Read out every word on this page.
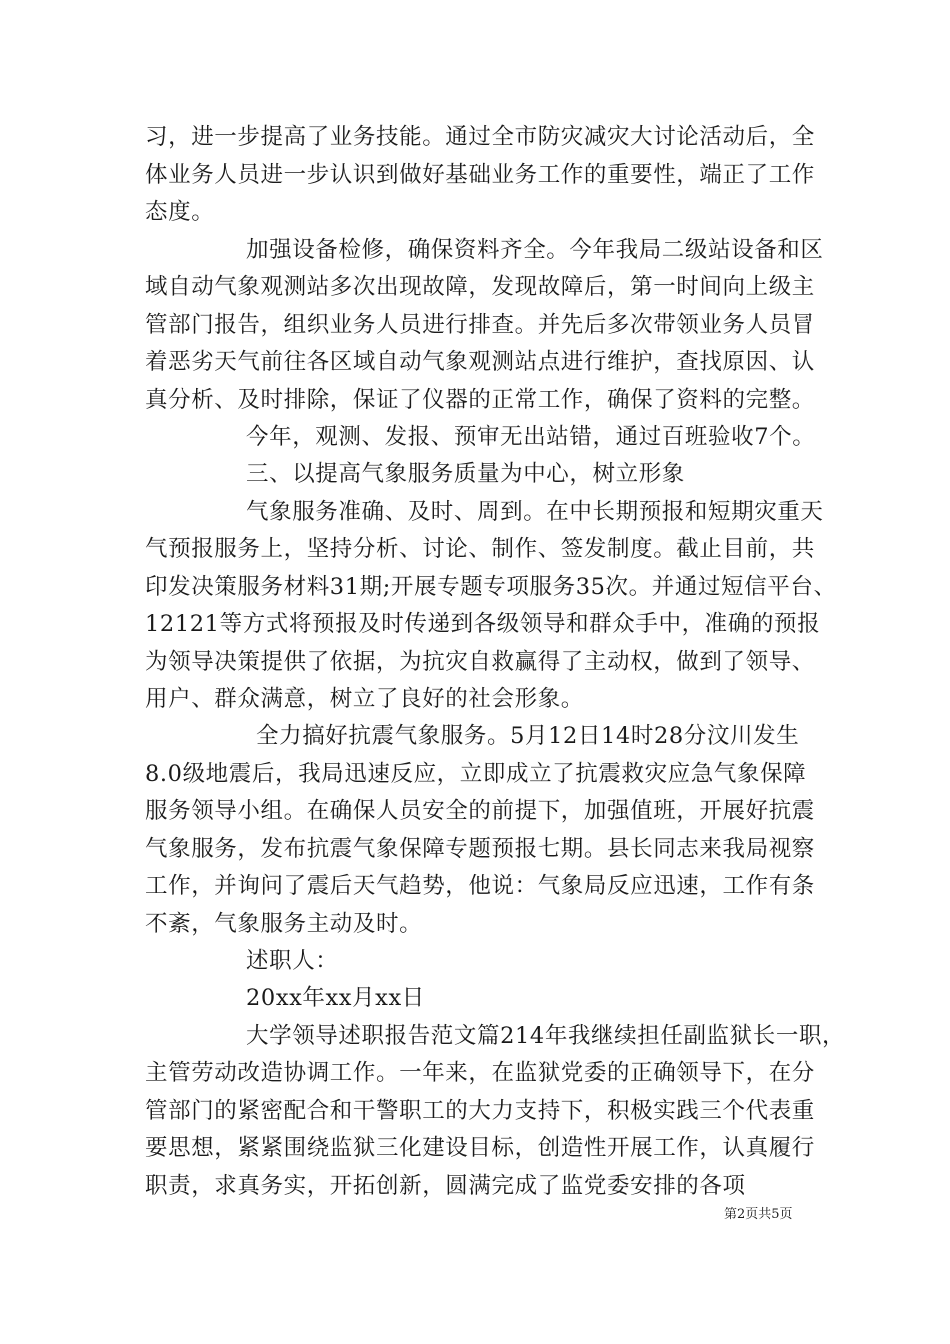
习，进一步提高了业务技能。通过全市防灾减灾大讨论活动后，全
体业务人员进一步认识到做好基础业务工作的重要性，端正了工作
态度。
加强设备检修，确保资料齐全。今年我局二级站设备和区
域自动气象观测站多次出现故障，发现故障后，第一时间向上级主
管部门报告，组织业务人员进行排查。并先后多次带领业务人员冒
着恶劣天气前往各区域自动气象观测站点进行维护，查找原因、认
真分析、及时排除，保证了仪器的正常工作，确保了资料的完整。
今年，观测、发报、预审无出站错，通过百班验收7个。
三、以提高气象服务质量为中心，树立形象
气象服务准确、及时、周到。在中长期预报和短期灾重天
气预报服务上，坚持分析、讨论、制作、签发制度。截止目前，共
印发决策服务材料31期;开展专题专项服务35次。并通过短信平台、
12121等方式将预报及时传递到各级领导和群众手中，准确的预报
为领导决策提供了依据，为抗灾自救赢得了主动权，做到了领导、
用户、群众满意，树立了良好的社会形象。
全力搞好抗震气象服务。5月12日14时28分汶川发生
8.0级地震后，我局迅速反应，立即成立了抗震救灾应急气象保障
服务领导小组。在确保人员安全的前提下，加强值班，开展好抗震
气象服务，发布抗震气象保障专题预报七期。县长同志来我局视察
工作，并询问了震后天气趋势，他说：气象局反应迅速，工作有条
不紊，气象服务主动及时。
述职人：
20xx年xx月xx日
大学领导述职报告范文篇214年我继续担任副监狱长一职，
主管劳动改造协调工作。一年来，在监狱党委的正确领导下，在分
管部门的紧密配合和干警职工的大力支持下，积极实践三个代表重
要思想，紧紧围绕监狱三化建设目标，创造性开展工作，认真履行
职责，求真务实，开拓创新，圆满完成了监党委安排的各项
第2页共5页
